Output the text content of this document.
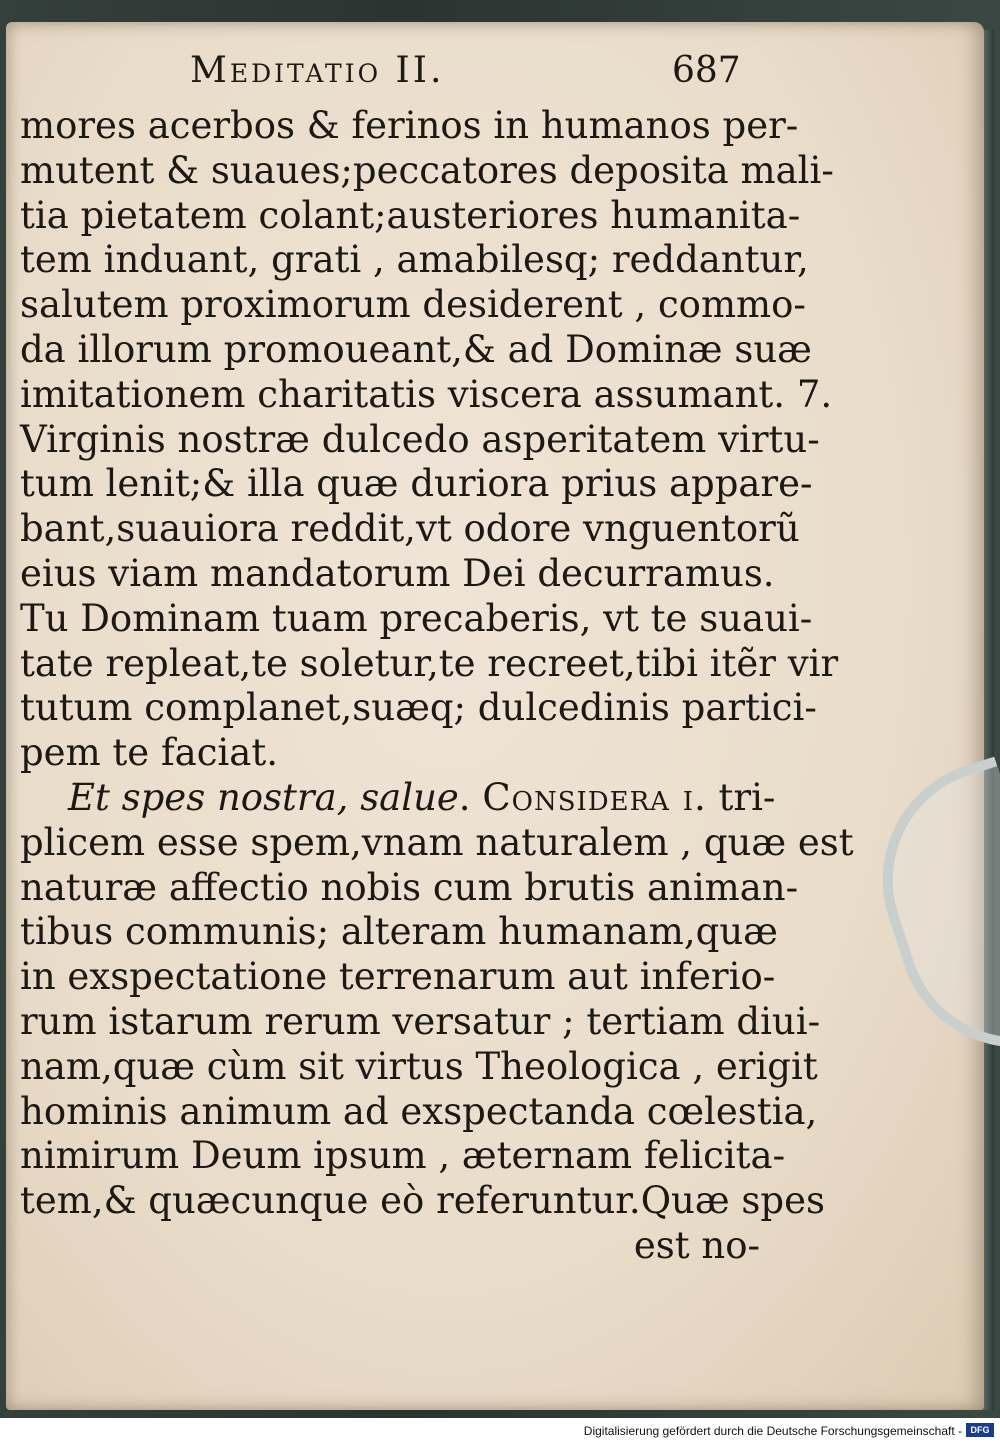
Meditatio II.	687
mores acerbos & ferinos in humanos per-
mutent & suaues;peccatores deposita mali-
tia pietatem colant;austeriores humanita-
tem induant, grati , amabilesq; reddantur,
salutem proximorum desiderent , commo-
da illorum promoueant,& ad Dominæ suæ
imitationem charitatis viscera assumant. 7.
Virginis nostræ dulcedo asperitatem virtu-
tum lenit;& illa quæ duriora prius appare-
bant,suauiora reddit,vt odore vnguentorũ
eius viam mandatorum Dei decurramus.
Tu Dominam tuam precaberis, vt te suaui-
tate repleat,te soletur,te recreet,tibi itẽr vir
tutum complanet,suæq; dulcedinis partici-
pem te faciat.
Et spes nostra, salue. Considera i. tri-
plicem esse spem,vnam naturalem , quæ est
naturæ affectio nobis cum brutis animan-
tibus communis; alteram humanam,quæ
in exspectatione terrenarum aut inferio-
rum istarum rerum versatur ; tertiam diui-
nam,quæ cùm sit virtus Theologica , erigit
hominis animum ad exspectanda cœlestia,
nimirum Deum ipsum , æternam felicita-
tem,& quæcunque eò referuntur.Quæ spes
est no-
Digitalisierung gefördert durch die Deutsche Forschungsgemeinschaft - DFG
